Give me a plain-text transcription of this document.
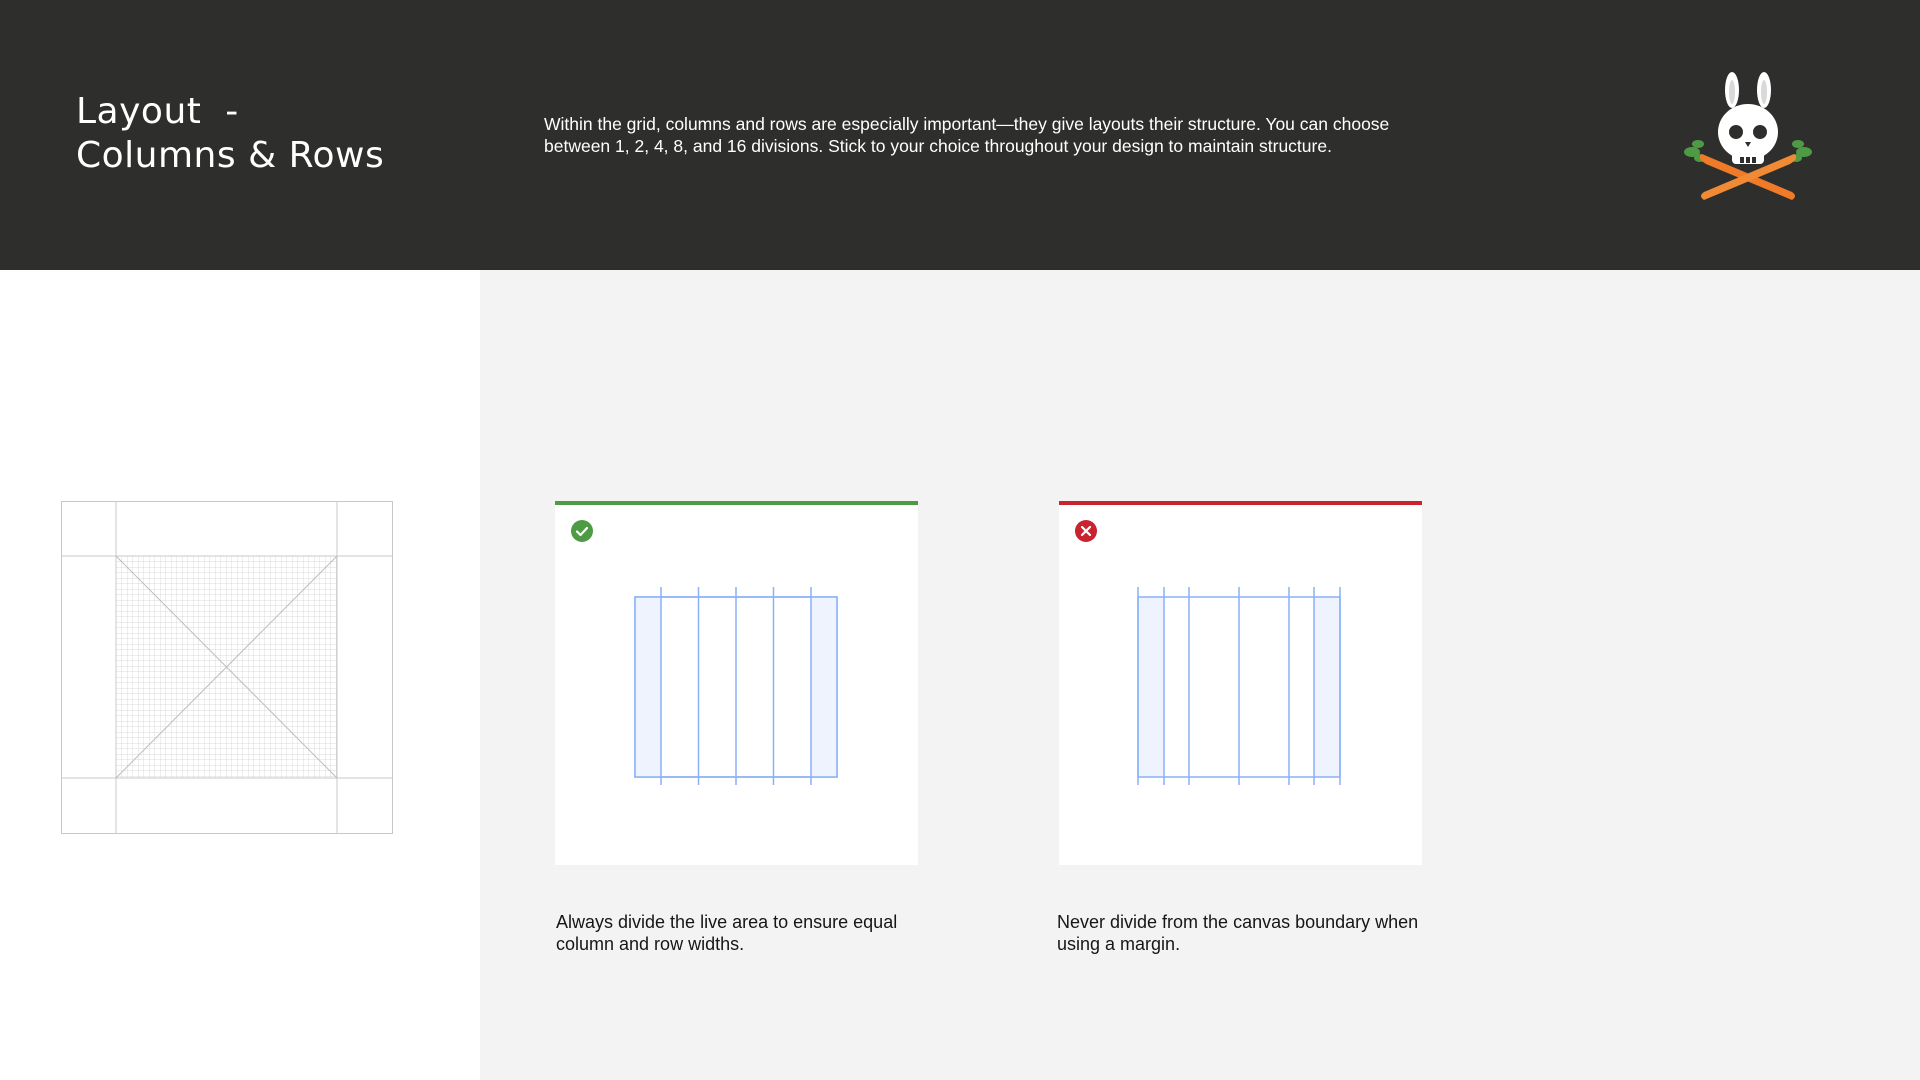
Layout  -
Columns & Rows

Within the grid, columns and rows are especially important—they give layouts their structure. You can choose between 1, 2, 4, 8, and 16 divisions. Stick to your choice throughout your design to maintain structure.

Always divide the live area to ensure equal column and row widths.

Never divide from the canvas boundary when using a margin.
